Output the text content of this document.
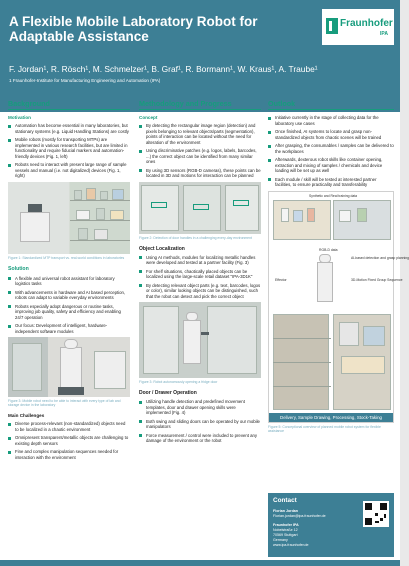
A Flexible Mobile Laboratory Robot for Adaptable Assistance
Fraunhofer
IPA
F. Jordan¹, R. Rösch¹, M. Schmelzer¹, B. Graf¹, R. Bormann¹, W. Kraus¹, A. Traube¹
1 Fraunhofer-Institute for Manufacturing Engineering and Automation (IPA)
Background
Motivation
Automation has become essential in many laboratories, but stationary systems (e.g. Liquid Handling Stations) are costly
Mobile robots (mostly for transporting MTPs) are implemented in various research facilities, but are limited in functionality and require fiducial markers and automation-friendly devices (Fig. 1, left)
Robots need to interact with present large range of sample vessels and manual (i.e. not digitalized) devices (Fig. 1, right)
Figure 1: Standardized MTP transport vs. real-world conditions in laboratories
Solution
A flexible and universal robot assistant for laboratory logistics tasks
With advancements in hardware and AI based perception, robots can adapt to variable everyday environments
Robots especially adopt dangerous or routine tasks, improving job quality, safety and efficiency and enabling 24/7 operation
Our focus: Development of intelligent, hardware-independent software modules
Figure 3: Mobile robot need to be able to interact with every type of lab and storage device in the laboratory
Main Challenges
Diverse process-relevant (non-standardized) objects need to be localized in a chaotic environment
Omnipresent transparent/metallic objects are challenging to existing depth sensors
Fine and complex manipulation sequences needed for interaction with the environment
Methodology and Progress
Concept
By detecting the rectangular image region (detection) and pixels belonging to relevant objects/parts (segmentation), points of interaction can be located without the need for alteration of the environment
Using discriminative patches (e.g. logos, labels, barcodes, ...) the correct object can be identified from many similar ones
By using 3D sensors (RGB-D cameras), these points can be located in 3D and motions for interaction can be planned
Figure 2: Detection of door handles in a challenging every-day environment
Object Localization
Using AI methods, modules for localizing metallic handles were developed and tested at a partner facility (Fig. 3)
For shelf situations, chaotically placed objects can be localized using the large-scale retail dataset "IPA-3D1K"
By detecting relevant object parts (e.g. text, barcodes, logos or color), similar looking objects can be distinguished, such that the robot can detect and pick the correct object
Figure 3: Robot autonomously opening a fridge door
Door / Drawer Operation
Utilizing handle detection and predefined movement templates, door and drawer opening skills were implemented (Fig. 4)
Both swing and sliding doors can be operated by our mobile manipulators
Force measurement / control were included to prevent any damage of the environment or the robot
Outlook
Initiative currently in the stage of collecting data for the laboratory use cases
Once finished, AI systems to locate and grasp non-standardized objects from chaotic scenes will be trained
After grasping, the consumables / samples can be delivered to the workplaces
Afterwards, dexterous robot skills like container opening, extraction and mixing of samples / chemicals and device loading will be set up as well
Each module / skill will be tested at interested partner facilities, to ensure practicality and transferability
Synthetic and Real training data
RGB-D data
AI-based detection and grasp planning
Effector	3D-Motion Fixed Group Sequence
Delivery, Sample Drawing, Processing, Stock-Taking
Figure 5: Conceptional overview of planned mobile robot system for flexible assistance
Contact
Florian Jordan
Florian.jordan@ipa.fraunhofer.de
Fraunhofer IPA
Nobelstraße 12
70569 Stuttgart
Germany
www.ipa.fraunhofer.de
